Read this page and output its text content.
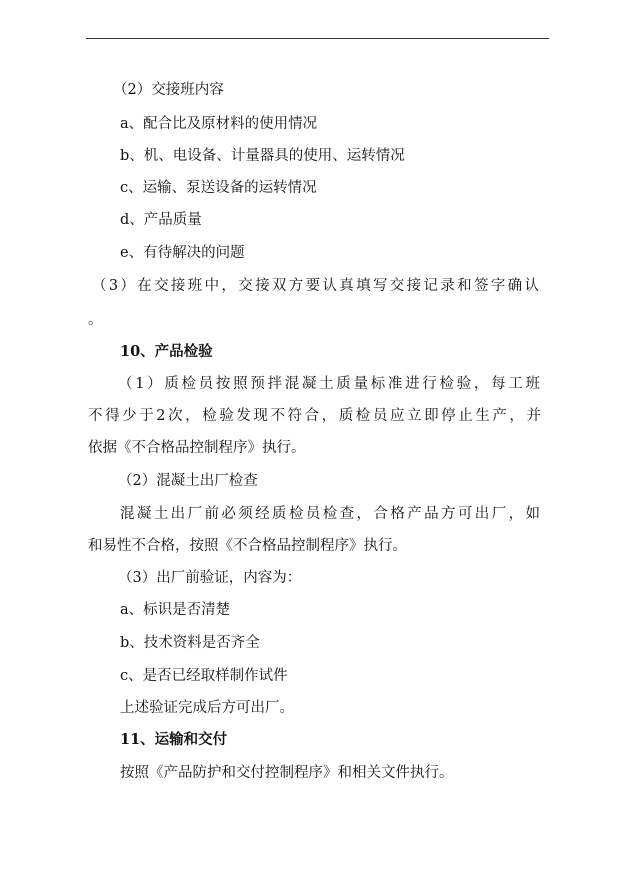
（2）交接班内容
a、配合比及原材料的使用情况
b、机、电设备、计量器具的使用、运转情况
c、运输、泵送设备的运转情况
d、产品质量
e、有待解决的问题
（3）在交接班中，交接双方要认真填写交接记录和签字确认
。
10、产品检验
（1）质检员按照预拌混凝土质量标准进行检验，每工班
不得少于2次，检验发现不符合，质检员应立即停止生产，并
依据《不合格品控制程序》执行。
（2）混凝土出厂检查
混凝土出厂前必须经质检员检查，合格产品方可出厂，如
和易性不合格，按照《不合格品控制程序》执行。
（3）出厂前验证，内容为：
a、标识是否清楚
b、技术资料是否齐全
c、是否已经取样制作试件
上述验证完成后方可出厂。
11、运输和交付
按照《产品防护和交付控制程序》和相关文件执行。
